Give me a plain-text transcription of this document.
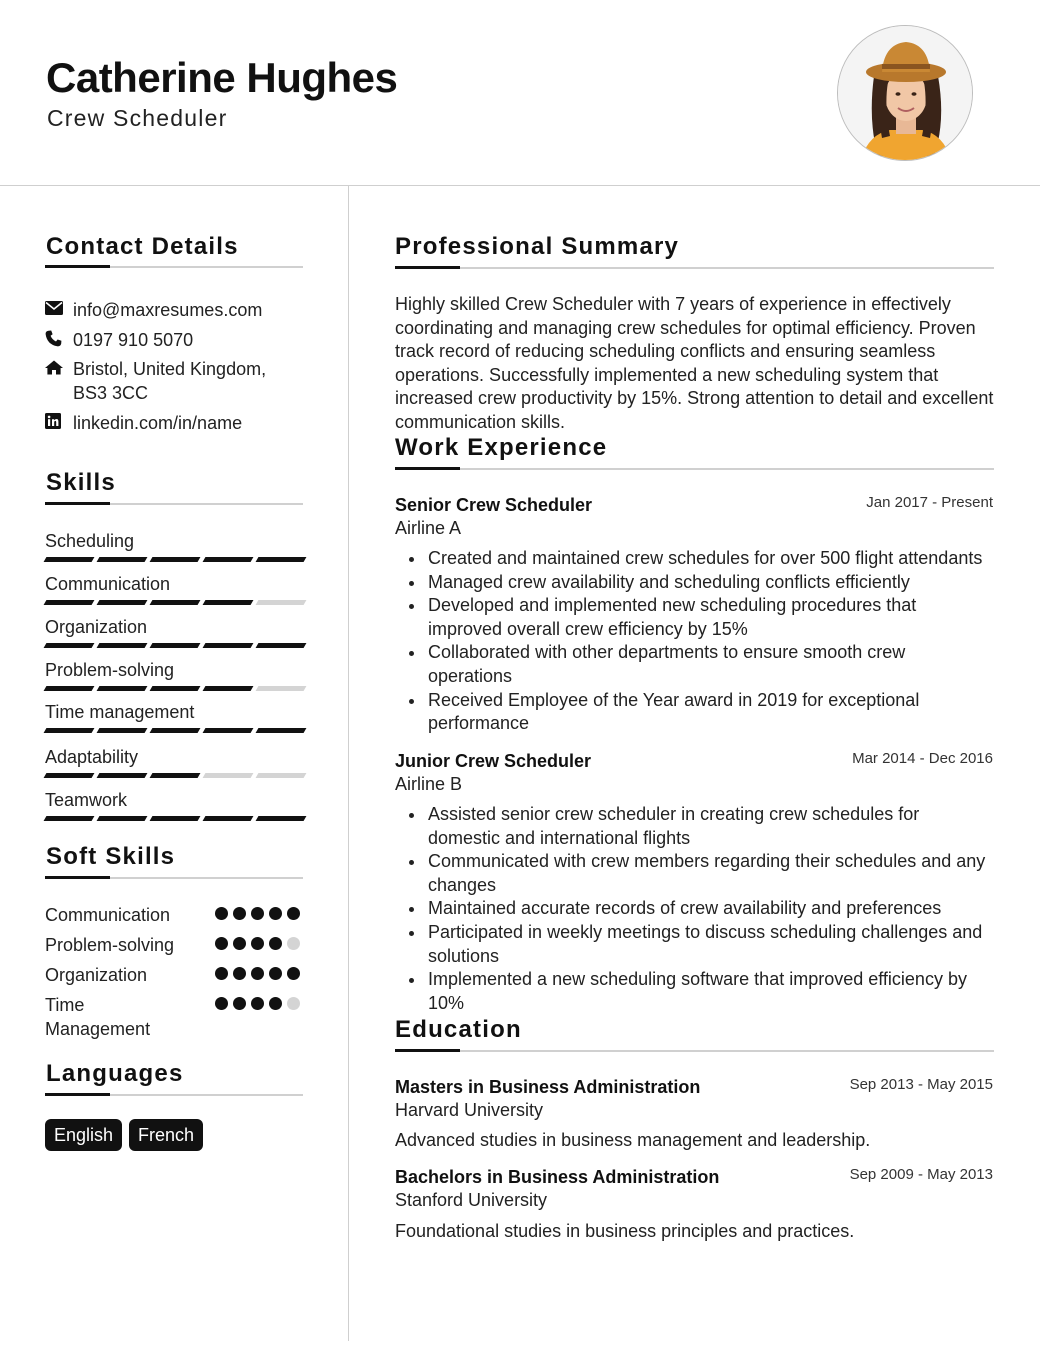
Catherine Hughes
Crew Scheduler
Contact Details
info@maxresumes.com
0197 910 5070
Bristol, United Kingdom, BS3 3CC
linkedin.com/in/name
Skills
Scheduling
Communication
Organization
Problem-solving
Time management
Adaptability
Teamwork
Soft Skills
Communication
Problem-solving
Organization
Time Management
Languages
English	French
Professional Summary
Highly skilled Crew Scheduler with 7 years of experience in effectively coordinating and managing crew schedules for optimal efficiency. Proven track record of reducing scheduling conflicts and ensuring seamless operations. Successfully implemented a new scheduling system that increased crew productivity by 15%. Strong attention to detail and excellent communication skills.
Work Experience
Senior Crew Scheduler	Jan 2017 - Present
Airline A
Created and maintained crew schedules for over 500 flight attendants
Managed crew availability and scheduling conflicts efficiently
Developed and implemented new scheduling procedures that improved overall crew efficiency by 15%
Collaborated with other departments to ensure smooth crew operations
Received Employee of the Year award in 2019 for exceptional performance
Junior Crew Scheduler	Mar 2014 - Dec 2016
Airline B
Assisted senior crew scheduler in creating crew schedules for domestic and international flights
Communicated with crew members regarding their schedules and any changes
Maintained accurate records of crew availability and preferences
Participated in weekly meetings to discuss scheduling challenges and solutions
Implemented a new scheduling software that improved efficiency by 10%
Education
Masters in Business Administration	Sep 2013 - May 2015
Harvard University
Advanced studies in business management and leadership.
Bachelors in Business Administration	Sep 2009 - May 2013
Stanford University
Foundational studies in business principles and practices.
